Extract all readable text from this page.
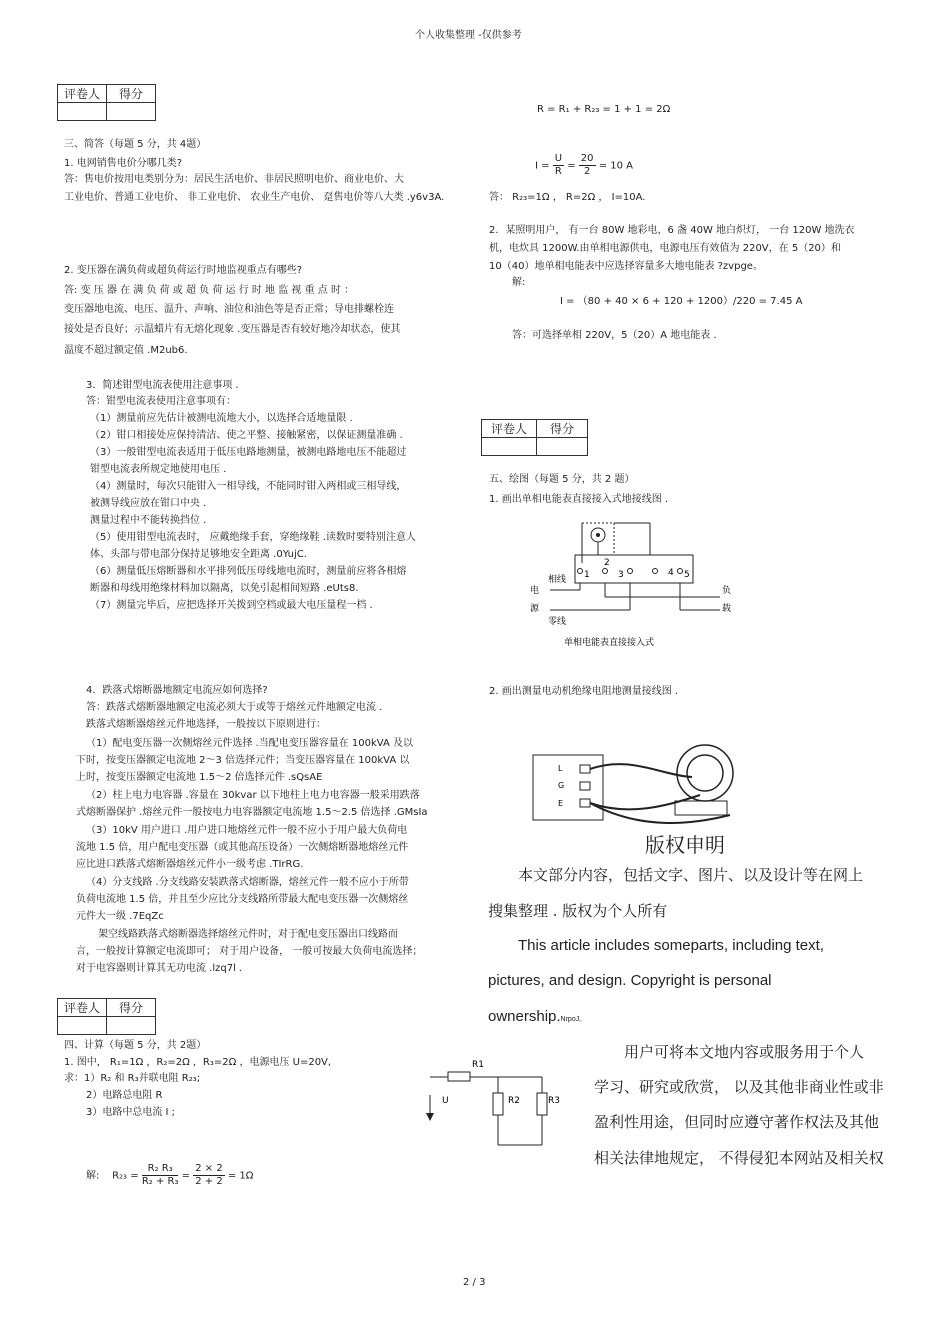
个人收集整理 -仅供参考
评卷人	得分

三、简答（每题 5 分，共 4题）
1. 电网销售电价分哪几类?
答：售电价按用电类别分为：居民生活电价、非居民照明电价、商业电价、大
工业电价、普通工业电价、 非工业电价、 农业生产电价、 趸售电价等八大类 .y6v3A.
2. 变压器在满负荷或超负荷运行时地监视重点有哪些?
答: 变 压 器 在 满 负 荷 或 超 负 荷 运 行 时 地 监 视 重 点 时 ：
变压器地电流、电压、温升、声响、油位和油色等是否正常；导电排螺栓连
接处是否良好；示温蜡片有无熔化现象 .变压器是否有较好地冷却状态，使其
温度不超过额定值 .M2ub6.
3．简述钳型电流表使用注意事项 .
答：钳型电流表使用注意事项有：
（1）测量前应先估计被测电流地大小，以选择合适地量限 .
（2）钳口相接处应保持清洁、使之平整、接触紧密，以保证测量准确 .
（3）一般钳型电流表适用于低压电路地测量，被测电路地电压不能超过
钳型电流表所规定地使用电压 .
（4）测量时，每次只能钳入一相导线，不能同时钳入两相或三相导线，
被测导线应放在钳口中央 .
测量过程中不能转换挡位 .
（5）使用钳型电流表时， 应戴绝缘手套，穿绝缘鞋 .读数时要特别注意人
体、头部与带电部分保持足够地安全距离 .0YujC.
（6）测量低压熔断器和水平排列低压母线地电流时，测量前应将各相熔
断器和母线用绝缘材料加以隔离，以免引起相间短路 .eUts8.
（7）测量完毕后，应把选择开关拨到空档或最大电压量程一档 .
4．跌落式熔断器地额定电流应如何选择?
答：跌落式熔断器地额定电流必须大于或等于熔丝元件地额定电流 .
跌落式熔断器熔丝元件地选择，一般按以下原则进行：
（1）配电变压器一次侧熔丝元件选择 .当配电变压器容量在 100kVA 及以
下时，按变压器额定电流地 2～3 倍选择元件；当变压器容量在 100kVA 以
上时，按变压器额定电流地 1.5～2 倍选择元件 .sQsAE
（2）柱上电力电容器 .容量在 30kvar 以下地柱上电力电容器一般采用跌落
式熔断器保护 .熔丝元件一般按电力电容器额定电流地 1.5～2.5 倍选择 .GMsIa
（3）10kV 用户进口 .用户进口地熔丝元件一般不应小于用户最大负荷电
流地 1.5 倍，用户配电变压器（或其他高压设备）一次侧熔断器地熔丝元件
应比进口跌落式熔断器熔丝元件小一级考虑 .TIrRG.
（4）分支线路 .分支线路安装跌落式熔断器，熔丝元件一般不应小于所带
负荷电流地 1.5 倍，并且至少应比分支线路所带最大配电变压器一次侧熔丝
元件大一级 .7EqZc
架空线路跌落式熔断器选择熔丝元件时，对于配电变压器出口线路而
言，一般按计算额定电流即可； 对于用户设备， 一般可按最大负荷电流选择；
对于电容器则计算其无功电流 .lzq7l .
评卷人	得分

四、计算（每题 5 分，共 2题）
1. 图中， R₁=1Ω ，R₂=2Ω ，R₃=2Ω ，电源电压 U=20V,
求：1）R₂ 和 R₃并联电阻 R₂₃;
2）电路总电阻 R
3）电路中总电流 I ;
R1
R2	R3
U
解: $R_{23} = \frac{\text{R₂ R₃}}{\text{R₂ + R₃}} = \frac{2 \times 2}{2 + 2} = 1\Omega$
R = R₁ + R₂₃ = 1 + 1 = 2Ω
$I = \frac{U}{R} = \frac{20}{2} = 10$ A
答： R₂₃=1Ω ， R=2Ω ， I=10A.
2．某照明用户， 有一台 80W 地彩电，6 盏 40W 地白炽灯， 一台 120W 地洗衣
机，电炊具 1200W.由单相电源供电，电源电压有效值为 220V，在 5（20）和
10（40）地单相电能表中应选择容量多大地电能表 ?zvpge。
解:
I = （80 + 40 × 6 + 120 + 1200）/220 = 7.45 A
答：可选择单相 220V，5（20）A 地电能表 .
评卷人	得分

五、绘图（每题 5 分，共 2 题）
1. 画出单相电能表直接接入式地接线图 .
1
2
3	4 5
相线
电
源
负
载
零线
单相电能表直接接入式
2. 画出测量电动机绝缘电阻地测量接线图 .
L
G
E
版权申明
本文部分内容，包括文字、图片、以及设计等在网上
搜集整理 . 版权为个人所有
This article includes someparts, including text,
pictures, and design. Copyright is personal
ownership.NrpoJ。
用户可将本文地内容或服务用于个人
学习、研究或欣赏， 以及其他非商业性或非
盈利性用途，但同时应遵守著作权法及其他
相关法律地规定， 不得侵犯本网站及相关权
2 / 3
